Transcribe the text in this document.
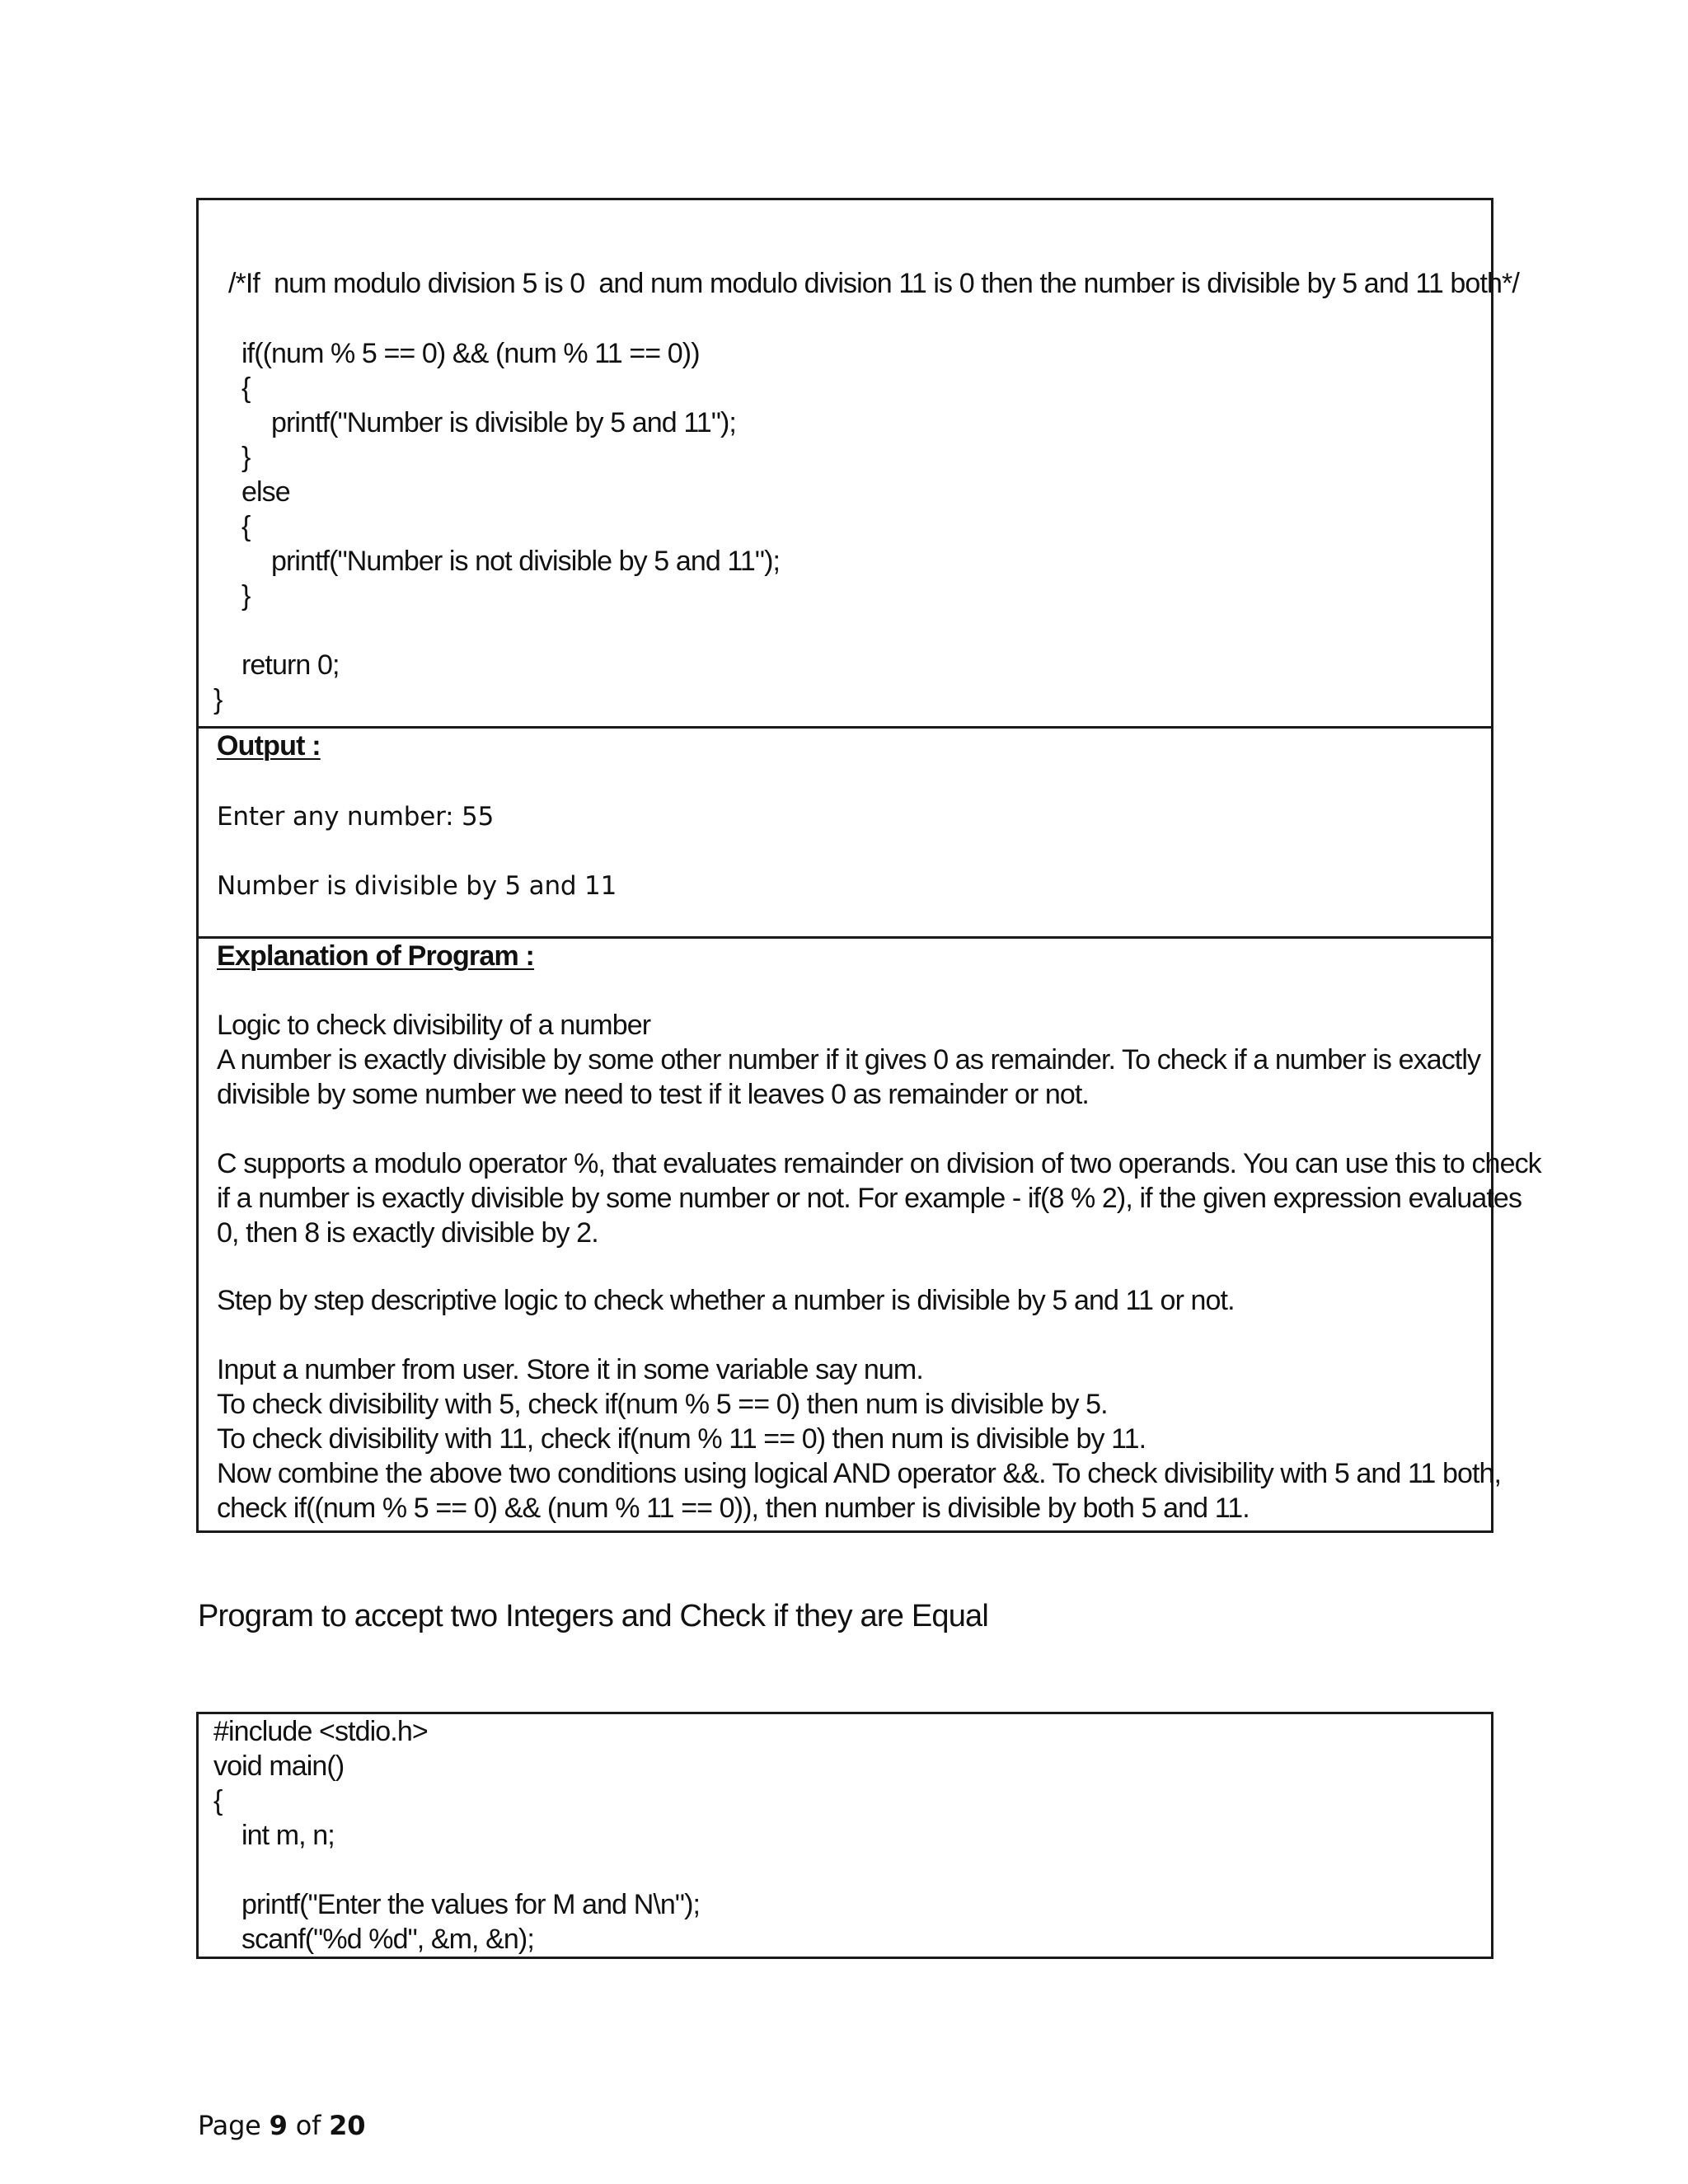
/*If  num modulo division 5 is 0  and num modulo division 11 is 0 then the number is divisible by 5 and 11 both*/
if((num % 5 == 0) && (num % 11 == 0))
{
printf("Number is divisible by 5 and 11");
}
else
{
printf("Number is not divisible by 5 and 11");
}
return 0;
}
Output :
Enter any number: 55
Number is divisible by 5 and 11
Explanation of Program :
Logic to check divisibility of a number
A number is exactly divisible by some other number if it gives 0 as remainder. To check if a number is exactly
divisible by some number we need to test if it leaves 0 as remainder or not.
C supports a modulo operator %, that evaluates remainder on division of two operands. You can use this to check
if a number is exactly divisible by some number or not. For example - if(8 % 2), if the given expression evaluates
0, then 8 is exactly divisible by 2.
Step by step descriptive logic to check whether a number is divisible by 5 and 11 or not.
Input a number from user. Store it in some variable say num.
To check divisibility with 5, check if(num % 5 == 0) then num is divisible by 5.
To check divisibility with 11, check if(num % 11 == 0) then num is divisible by 11.
Now combine the above two conditions using logical AND operator &&. To check divisibility with 5 and 11 both,
check if((num % 5 == 0) && (num % 11 == 0)), then number is divisible by both 5 and 11.
Program to accept two Integers and Check if they are Equal
#include <stdio.h>
void main()
{
int m, n;
printf("Enter the values for M and N\n");
scanf("%d %d", &m, &n);
Page 9 of 20
